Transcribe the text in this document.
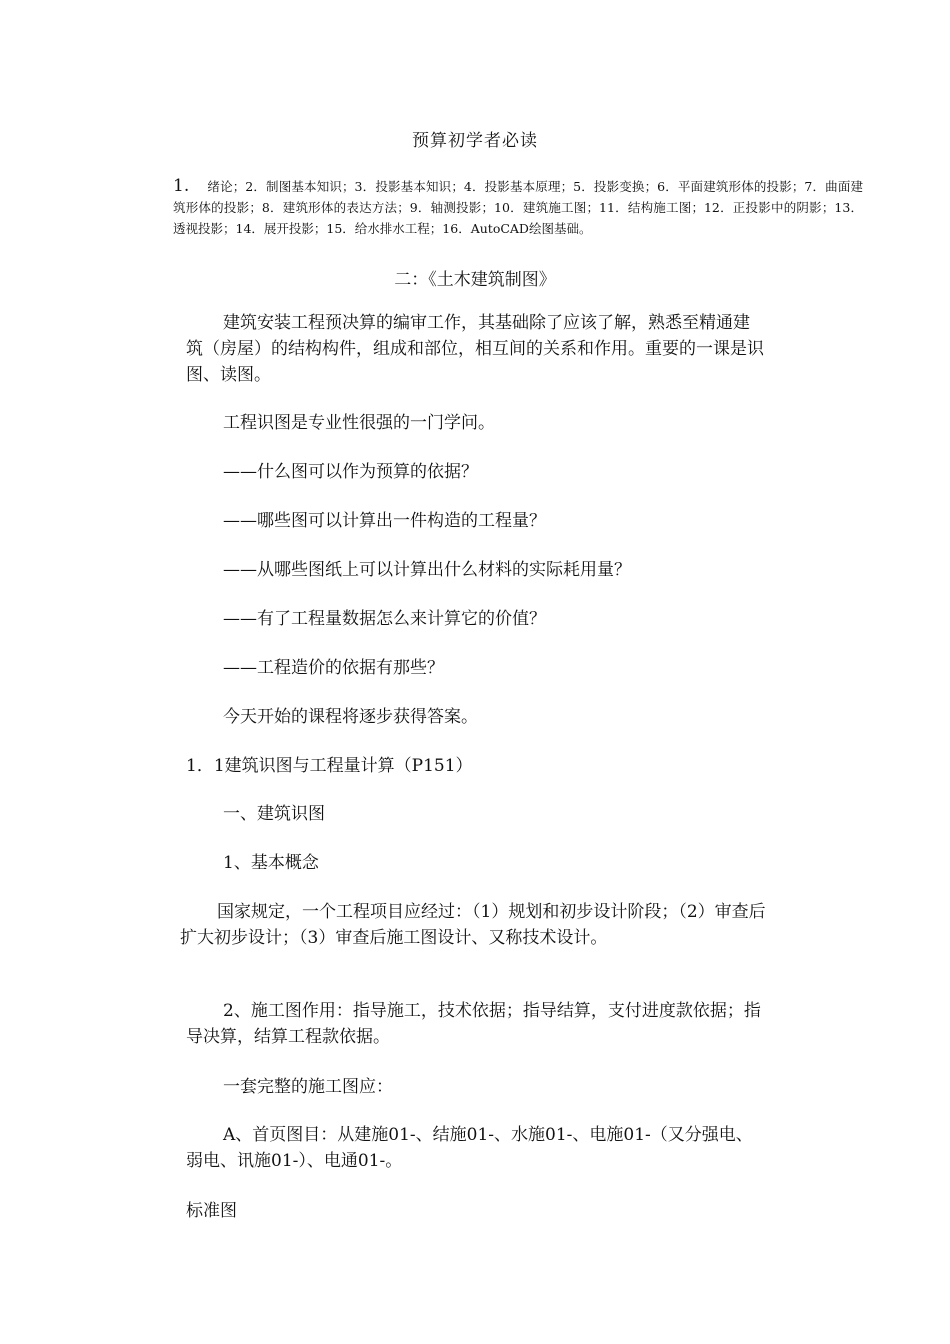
预算初学者必读
1. 绪论；2．制图基本知识；3．投影基本知识；4．投影基本原理；5．投影变换；6．平面建筑形体的投影；7．曲面建筑形体的投影；8．建筑形体的表达方法；9．轴测投影；10．建筑施工图；11．结构施工图；12．正投影中的阴影；13．透视投影；14．展开投影；15．给水排水工程；16．AutoCAD绘图基础。
二：《土木建筑制图》

建筑安装工程预决算的编审工作，其基础除了应该了解，熟悉至精通建筑（房屋）的结构构件，组成和部位，相互间的关系和作用。重要的一课是识图、读图。

工程识图是专业性很强的一门学问。

——什么图可以作为预算的依据？

——哪些图可以计算出一件构造的工程量？

——从哪些图纸上可以计算出什么材料的实际耗用量？

——有了工程量数据怎么来计算它的价值？

——工程造价的依据有那些？

今天开始的课程将逐步获得答案。

1．1建筑识图与工程量计算（P151）

一、建筑识图

1、基本概念

国家规定，一个工程项目应经过：（1）规划和初步设计阶段；（2）审查后扩大初步设计；（3）审查后施工图设计、又称技术设计。

2、施工图作用：指导施工，技术依据；指导结算，支付进度款依据；指导决算，结算工程款依据。

一套完整的施工图应：

A、首页图目：从建施01-、结施01-、水施01-、电施01-（又分强电、弱电、讯施01-）、电通01-。

标准图
